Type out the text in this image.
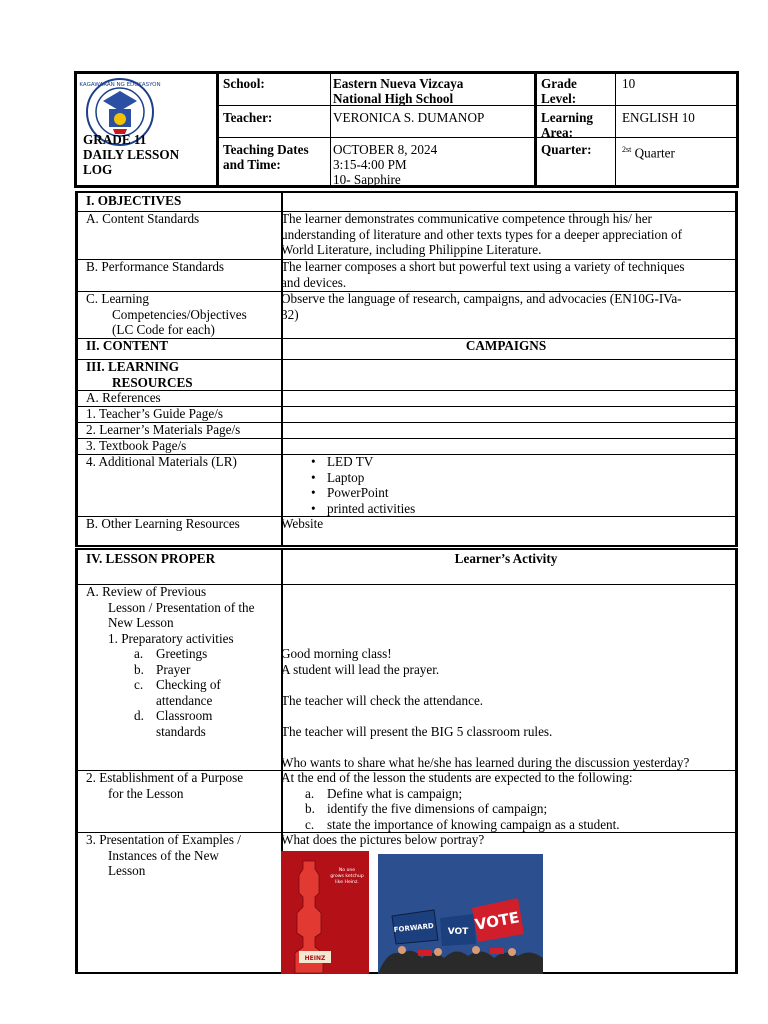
KAGAWARAN NG EDUKASYON
GRADE 11
DAILY LESSON
LOG
School:	Eastern Nueva Vizcaya
National High School
Teacher:	VERONICA S. DUMANOP
Teaching Dates
and Time:
OCTOBER 8, 2024
3:15-4:00 PM
10- Sapphire
Grade
Level:
10
Learning
Area:
ENGLISH 10
Quarter:	$^{2st}$ Quarter
I. OBJECTIVES
A. Content Standards	The learner demonstrates communicative competence through his/ her
understanding of literature and other texts types for a deeper appreciation of
World Literature, including Philippine Literature.
B. Performance Standards	The learner composes a short but powerful text using a variety of techniques
and devices.
C. Learning
Competencies/Objectives
(LC Code for each)
Observe the language of research, campaigns, and advocacies (EN10G-IVa-
32)
II. CONTENT	CAMPAIGNS
III. LEARNING
RESOURCES
A. References
1. Teacher’s Guide Page/s
2. Learner’s Materials Page/s
3. Textbook Page/s
4. Additional Materials (LR)
•	LED TV
• Laptop
• PowerPoint
• printed activities
B. Other Learning Resources	Website
IV. LESSON PROPER	Learner’s Activity
A. Review of Previous
Lesson / Presentation of the
New Lesson
1. Preparatory activities
a. Greetings
b. Prayer
c. Checking of attendance
d. Classroom standards
Good morning class!
A student will lead the prayer.
The teacher will check the attendance.
The teacher will present the BIG 5 classroom rules.
Who wants to share what he/she has learned during the discussion yesterday?
2. Establishment of a Purpose
for the Lesson
At the end of the lesson the students are expected to the following:
a. Define what is campaign;
b. identify the five dimensions of campaign;
c. state the importance of knowing campaign as a student.
3. Presentation of Examples /
Instances of the New
Lesson
What does the pictures below portray?
HEINZ
No one
grows ketchup
like Heinz.
FORWARD VOT VOTE
